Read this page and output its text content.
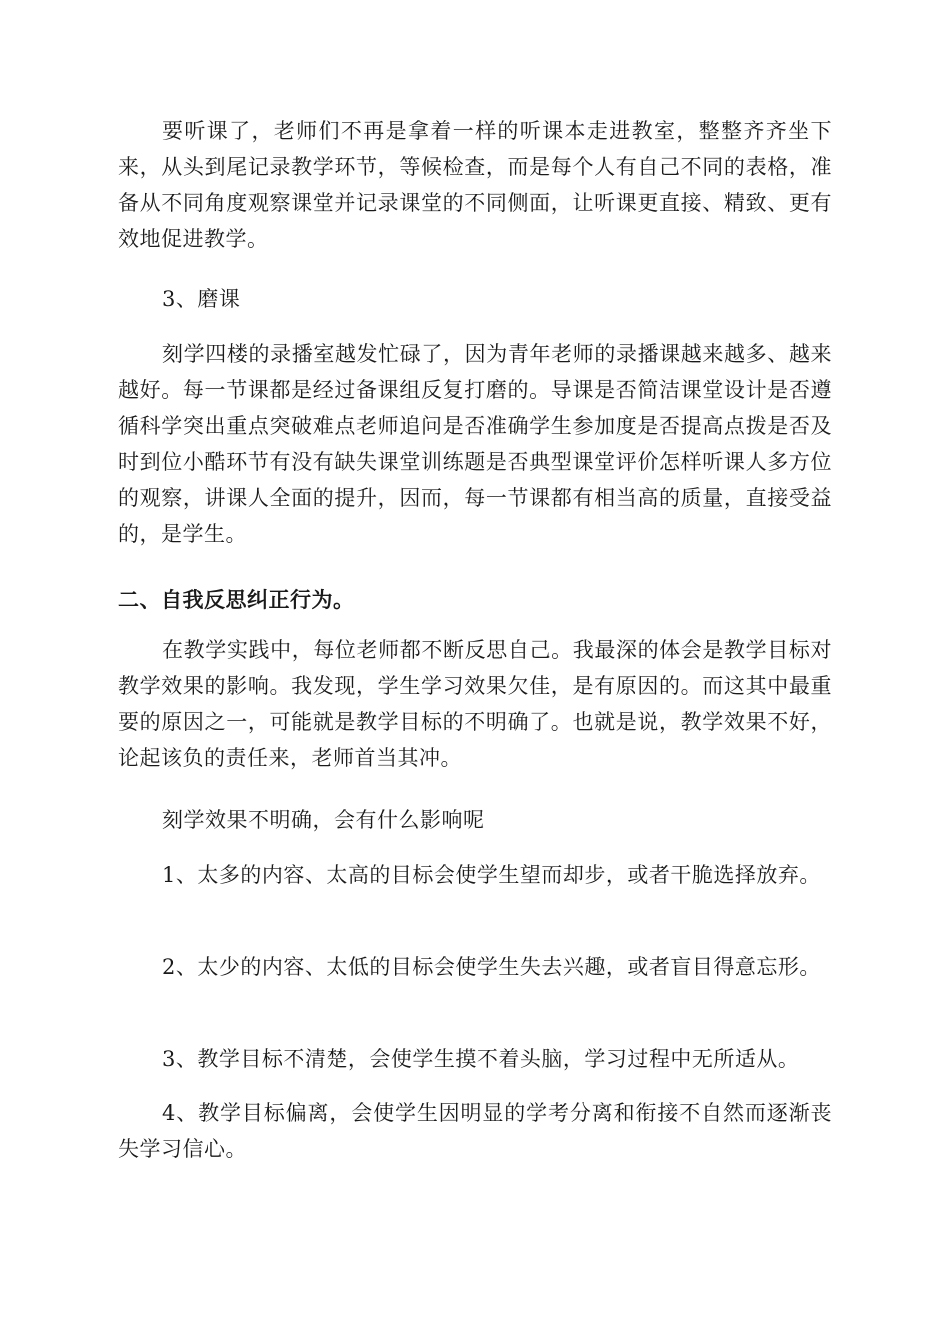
要听课了，老师们不再是拿着一样的听课本走进教室，整整齐齐坐下来，从头到尾记录教学环节，等候检查，而是每个人有自己不同的表格，准备从不同角度观察课堂并记录课堂的不同侧面，让听课更直接、精致、更有效地促进教学。

3、磨课

刻学四楼的录播室越发忙碌了，因为青年老师的录播课越来越多、越来越好。每一节课都是经过备课组反复打磨的。导课是否简洁课堂设计是否遵循科学突出重点突破难点老师追问是否准确学生参加度是否提高点拨是否及时到位小酷环节有没有缺失课堂训练题是否典型课堂评价怎样听课人多方位的观察，讲课人全面的提升，因而，每一节课都有相当高的质量，直接受益的，是学生。

二、自我反思纠正行为。

在教学实践中，每位老师都不断反思自己。我最深的体会是教学目标对教学效果的影响。我发现，学生学习效果欠佳，是有原因的。而这其中最重要的原因之一，可能就是教学目标的不明确了。也就是说，教学效果不好，论起该负的责任来，老师首当其冲。

刻学效果不明确，会有什么影响呢

1、太多的内容、太高的目标会使学生望而却步，或者干脆选择放弃。

2、太少的内容、太低的目标会使学生失去兴趣，或者盲目得意忘形。

3、教学目标不清楚，会使学生摸不着头脑，学习过程中无所适从。

4、教学目标偏离，会使学生因明显的学考分离和衔接不自然而逐渐丧失学习信心。
